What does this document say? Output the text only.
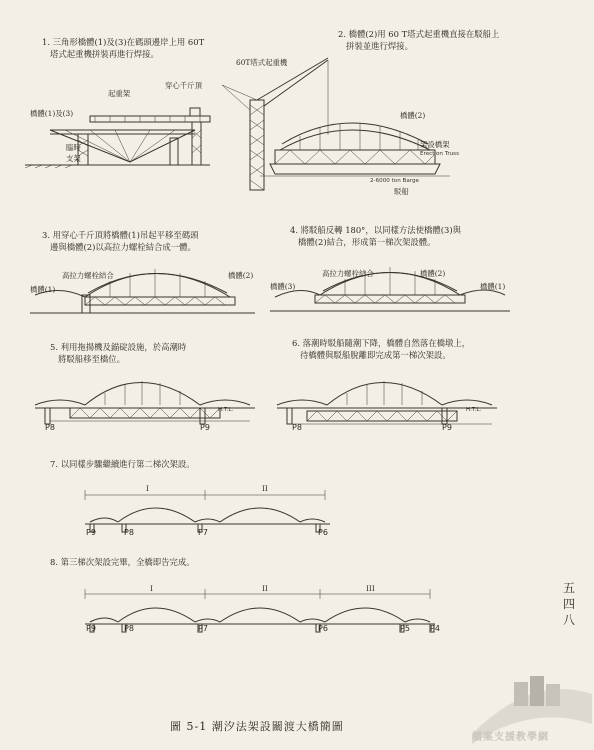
1. 三角形橋體(1)及(3)在碼頭邊岸上用 60T
塔式起重機拼裝再進行焊接。
2. 橋體(2)用 60 T塔式起重機直接在駁船上
拼裝並進行焊接。
3. 用穿心千斤頂將橋體(1)吊起平移至碼頭
邊與橋體(2)以高拉力螺栓結合成一體。
4. 將駁船反轉 180°，以同樣方法使橋體(3)與
橋體(2)結合，形成第一梯次架設體。
5. 利用拖揚機及錨碇設施，於高潮時
將駁船移至橋位。
6. 落潮時駁船隨潮下降，橋體自然落在橋墩上，
待橋體與駁船脫離即完成第一梯次架設。
7. 以同樣步驟繼續進行第二梯次架設。
8. 第三梯次架設完畢，全橋即告完成。
起重架
穿心千斤頂
橋體(1)及(3)
臨時
支架
60T塔式起重機
橋體(2)
架設橋架
Erection Truss
2-6000 ton Barge
駁船
高拉力螺栓結合
橋體(1)
橋體(2)	高拉力螺栓結合
橋體(3)
橋體(2)
橋體(1)
P8	P9
H.T.L.
P8	P9
H.T.L.
I	II
P9	P8	P7	P6
I	II	III
P9	P8	P7	P6	P5	P4
五
四
八
檔案支援教學網
圖 5-1 潮汐法架設關渡大橋簡圖
